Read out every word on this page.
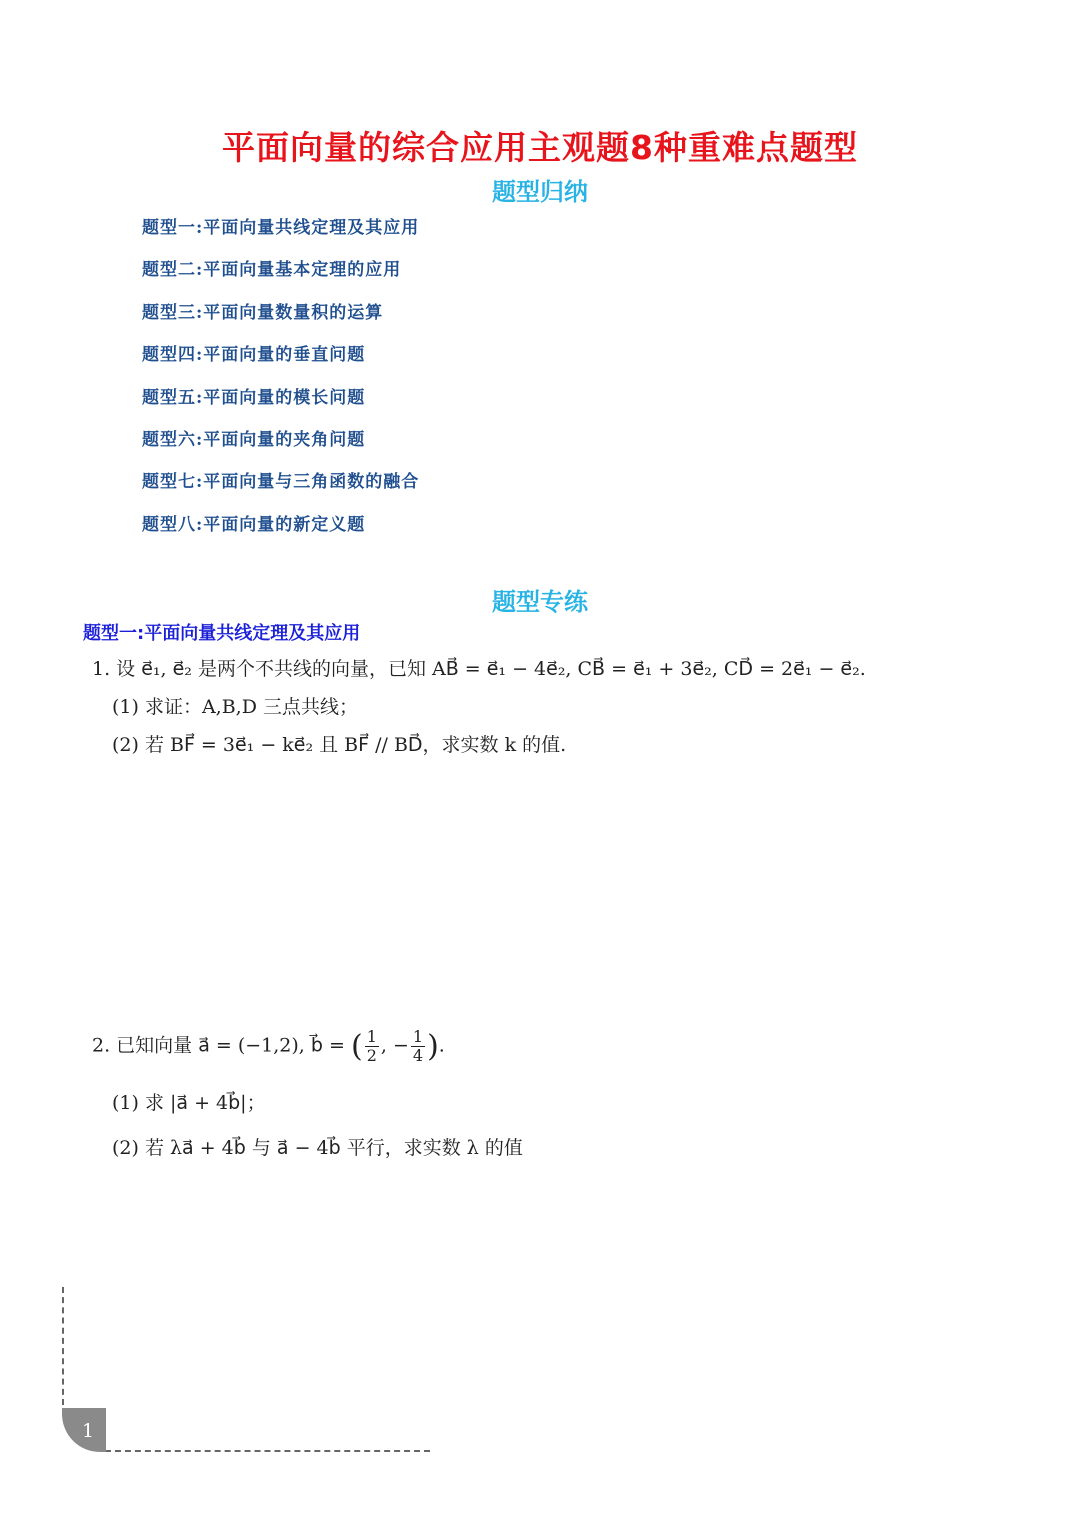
平面向量的综合应用主观题8种重难点题型
题型归纳
题型一:平面向量共线定理及其应用
题型二:平面向量基本定理的应用
题型三:平面向量数量积的运算
题型四:平面向量的垂直问题
题型五:平面向量的模长问题
题型六:平面向量的夹角问题
题型七:平面向量与三角函数的融合
题型八:平面向量的新定义题
题型专练
题型一:平面向量共线定理及其应用
1. 设 e⃗₁, e⃗₂ 是两个不共线的向量，已知 AB⃗ = e⃗₁ − 4e⃗₂, CB⃗ = e⃗₁ + 3e⃗₂, CD⃗ = 2e⃗₁ − e⃗₂.
(1) 求证：A,B,D 三点共线；
(2) 若 BF⃗ = 3e⃗₁ − ke⃗₂ 且 BF⃗ // BD⃗，求实数 k 的值.
2. 已知向量 a⃗ = (−1,2), b⃗ = ( $\frac{1}{2}$ , − $\frac{1}{4}$ ).
(1) 求 |a⃗ + 4b⃗|；
(2) 若 λa⃗ + 4b⃗ 与 a⃗ − 4b⃗ 平行，求实数 λ 的值
1
